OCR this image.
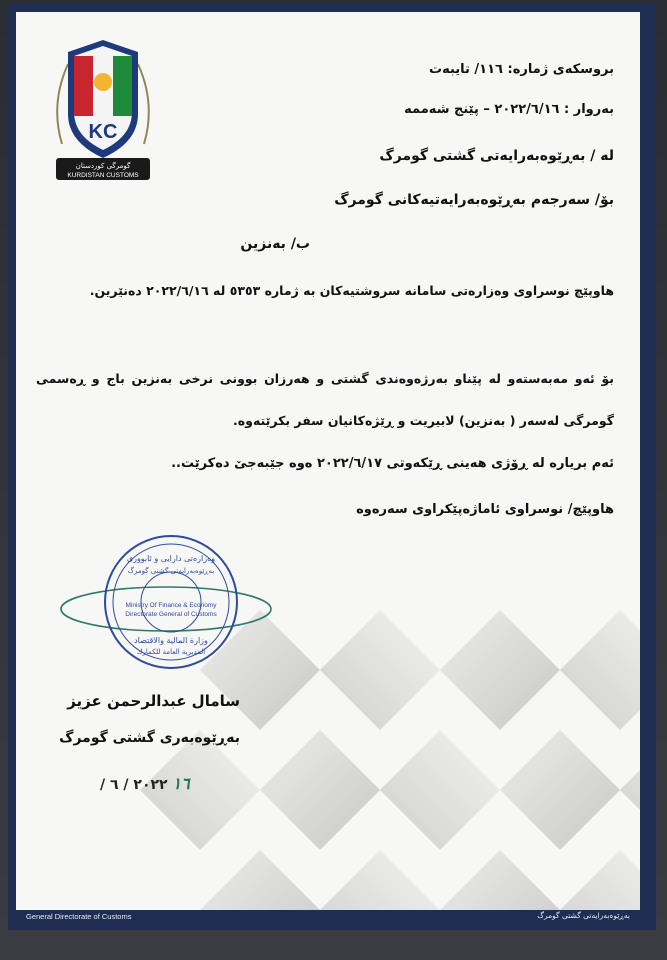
KC
گومرگی کوردستان
KURDISTAN CUSTOMS
بروسکەی ژمارە: ١١٦/ تایبەت
بەروار : ٢٠٢٢/٦/١٦ – پێنج شەممە
لە / بەڕێوەبەرایەتی گشتی گومرگ
بۆ/ سەرجەم بەڕێوەبەرایەتیەکانی گومرگ
ب/ بەنزین
هاوپێچ نوسراوی وەزارەتی سامانە سروشتیەکان بە ژمارە ٥٣٥٣ لە ٢٠٢٢/٦/١٦ دەنێرین.
بۆ ئەو مەبەستەو لە پێناو بەرژەوەندی گشتی و هەرزان بوونی نرخی بەنزین باج و ڕەسمی گومرگی لەسەر ( بەنزین) لابیریت و ڕێژەکانیان سفر بکرێتەوە.
ئەم بریارە لە ڕۆژی هەینی ڕێکەوتی ٢٠٢٢/٦/١٧ ەوە جێبەجێ دەکرێت..
هاوپێچ/ نوسراوی ئاماژەپێکراوی سەرەوە
وەزارەتی دارایی و ئابووری
بەڕێوەبەرایەتی گشتی گومرگ
Ministry Of Finance & Economy
Directorate General of Customs
وزارة المالية والاقتصاد
المديرية العامة للكمارك
سامال عبدالرحمن عزیز
بەڕێوەبەری گشتی گومرگ
١٦ ٢٠٢٢ / ٦ /
General Directorate of Customs	بەڕێوەبەرایەتی گشتی گومرگ
